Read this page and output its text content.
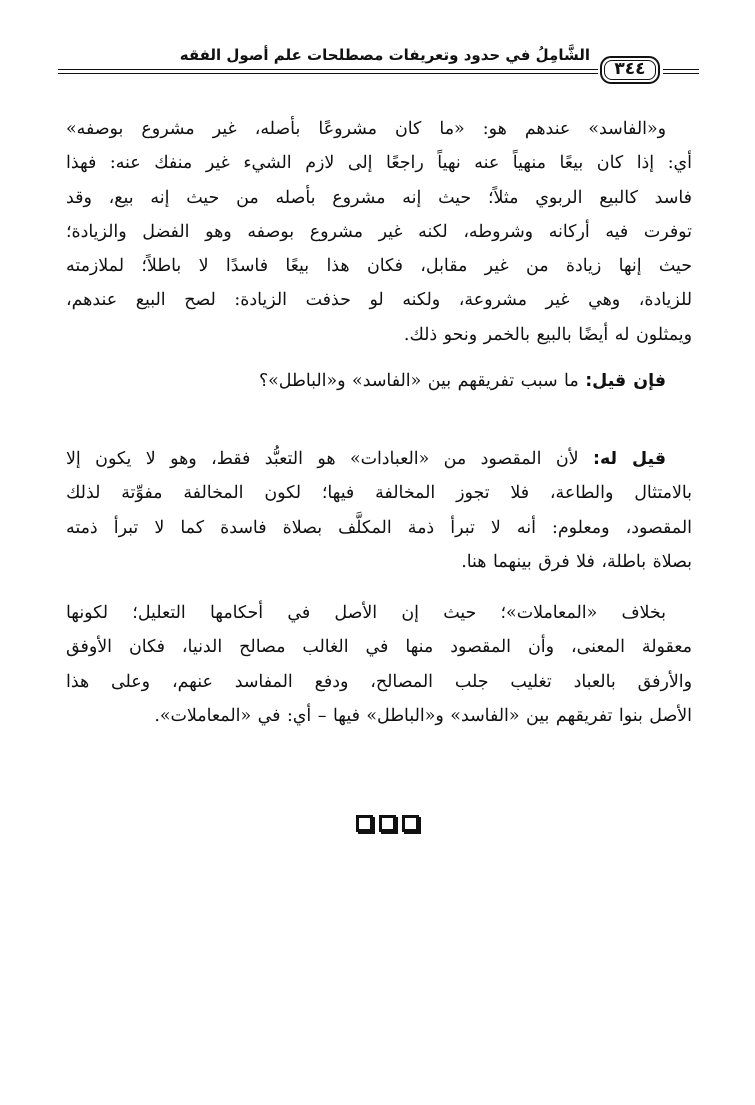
الشَّامِلُ في حدود وتعريفات مصطلحات علم أصول الفقه
٣٤٤
و«الفاسد» عندهم هو: «ما كان مشروعًا بأصله، غير مشروع بوصفه»
أي: إذا كان بيعًا منهياً عنه نهياً راجعًا إلى لازم الشيء غير منفك عنه: فهذا
فاسد كالبيع الربوي مثلاً؛ حيث إنه مشروع بأصله من حيث إنه بيع، وقد
توفرت فيه أركانه وشروطه، لكنه غير مشروع بوصفه وهو الفضل والزيادة؛
حيث إنها زيادة من غير مقابل، فكان هذا بيعًا فاسدًا لا باطلاً؛ لملازمته
للزيادة، وهي غير مشروعة، ولكنه لو حذفت الزيادة: لصح البيع عندهم،
ويمثلون له أيضًا بالبيع بالخمر ونحو ذلك.
فإن قيل: ما سبب تفريقهم بين «الفاسد» و«الباطل»؟
قيل له: لأن المقصود من «العبادات» هو التعبُّد فقط، وهو لا يكون إلا
بالامتثال والطاعة، فلا تجوز المخالفة فيها؛ لكون المخالفة مفوِّتة لذلك
المقصود، ومعلوم: أنه لا تبرأ ذمة المكلَّف بصلاة فاسدة كما لا تبرأ ذمته
بصلاة باطلة، فلا فرق بينهما هنا.
بخلاف «المعاملات»؛ حيث إن الأصل في أحكامها التعليل؛ لكونها
معقولة المعنى، وأن المقصود منها في الغالب مصالح الدنيا، فكان الأوفق
والأرفق بالعباد تغليب جلب المصالح، ودفع المفاسد عنهم، وعلى هذا
الأصل بنوا تفريقهم بين «الفاسد» و«الباطل» فيها – أي: في «المعاملات».
